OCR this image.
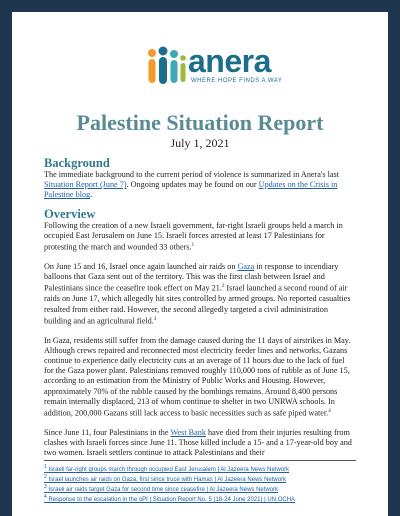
anera
WHERE HOPE FINDS A WAY
Palestine Situation Report
July 1, 2021
Background

The immediate background to the current period of violence is summarized in Anera's last Situation Report (June 7). Ongoing updates may be found on our Updates on the Crisis in Palestine blog.

Overview

Following the creation of a new Israeli government, far-right Israeli groups held a march in occupied East Jerusalem on June 15. Israeli forces arrested at least 17 Palestinians for protesting the march and wounded 33 others.$^1$

On June 15 and 16, Israel once again launched air raids on Gaza in response to incendiary balloons that Gaza sent out of the territory. This was the first clash between Israel and Palestinians since the ceasefire took effect on May 21.$^2$ Israel launched a second round of air raids on June 17, which allegedly hit sites controlled by armed groups. No reported casualties resulted from either raid. However, the second allegedly targeted a civil administration building and an agricultural field.$^3$

In Gaza, residents still suffer from the damage caused during the 11 days of airstrikes in May. Although crews repaired and reconnected most electricity feeder lines and networks, Gazans continue to experience daily electricity cuts at an average of 11 hours due to the lack of fuel for the Gaza power plant. Palestinians removed roughly 110,000 tons of rubble as of June 15, according to an estimation from the Ministry of Public Works and Housing. However, approximately 70% of the rubble caused by the bombings remains. Around 8,400 persons remain internally displaced, 213 of whom continue to shelter in two UNRWA schools. In addition, 200,000 Gazans still lack access to basic necessities such as safe piped water.$^4$

Since June 11, four Palestinians in the West Bank have died from their injuries resulting from clashes with Israeli forces since June 11. Those killed include a 15- and a 17-year-old boy and two women. Israeli settlers continue to attack Palestinians and their

$^1$ Israeli far-right groups march through occupied East Jerusalem | Al Jazeera News Network
$^2$ Israel launches air raids on Gaza, first since truce with Hamas | Al Jazeera News Network
$^3$ Israeli air raids target Gaza for second time since ceasefire | Al Jazeera News Network
$^4$ Response to the escalation in the oPt | Situation Report No. 5 (18-24 June 2021) | UN OCHA
